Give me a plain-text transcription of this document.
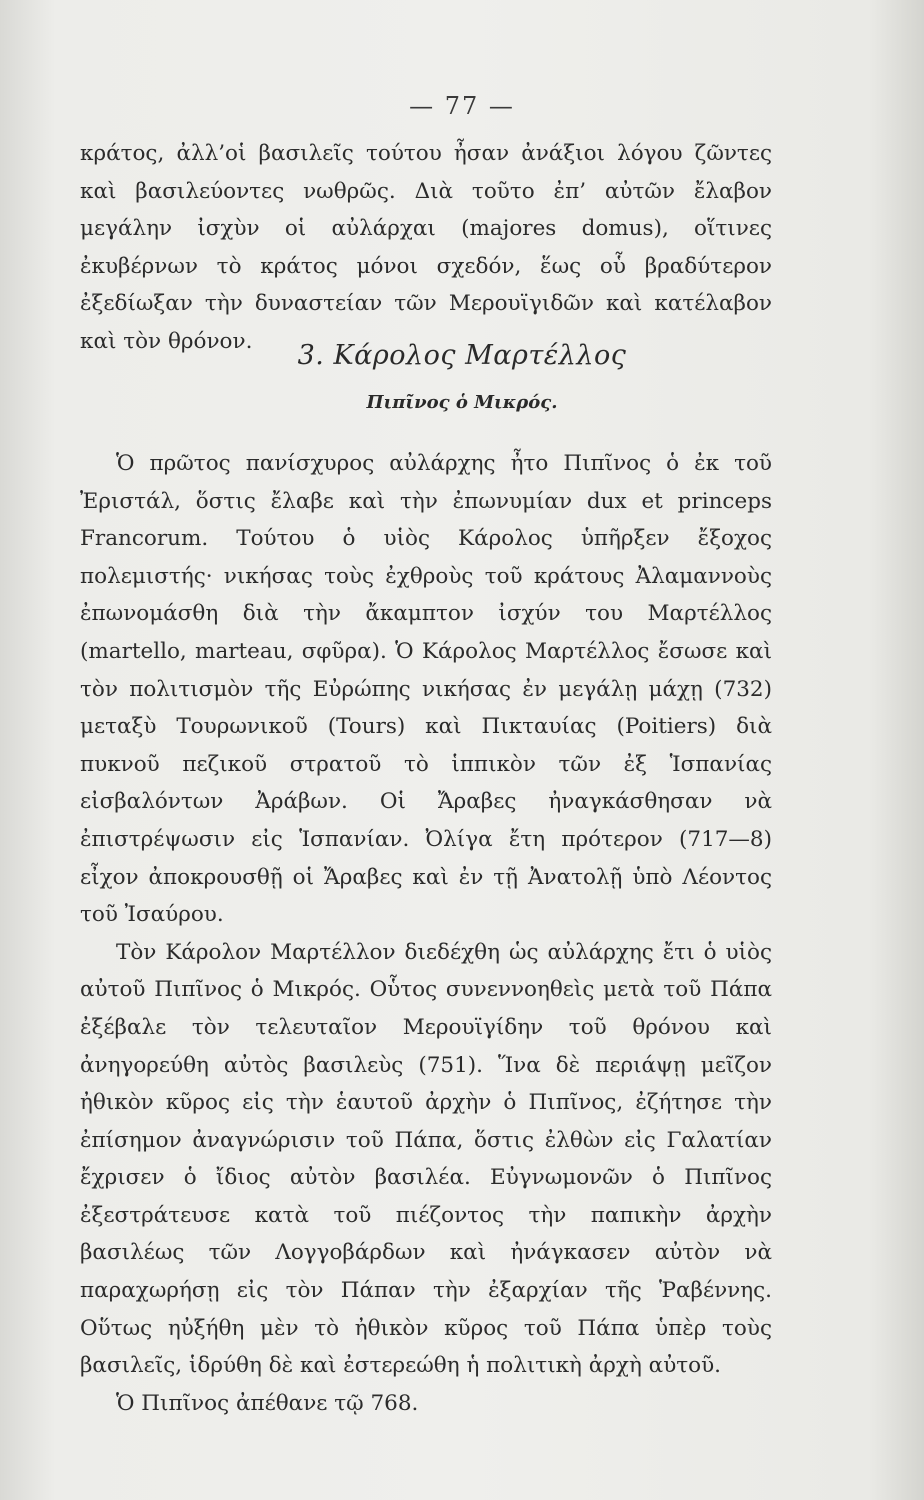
— 77 —

κράτος, ἀλλ’οἱ βασιλεῖς τούτου ἦσαν ἀνάξιοι λόγου ζῶντες καὶ βασιλεύοντες νωθρῶς. Διὰ τοῦτο ἐπ’ αὐτῶν ἔλαβον μεγάλην ἰσχὺν οἱ αὐλάρχαι (majores domus), οἵτινες ἐκυβέρνων τὸ κράτος μόνοι σχεδόν, ἕως οὗ βραδύτερον ἐξεδίωξαν τὴν δυναστείαν τῶν Μερουϊγιδῶν καὶ κατέλαβον καὶ τὸν θρόνον.	3. Κάρολος Μαρτέλλος
Πιπῖνος ὁ Μικρός.

Ὁ πρῶτος πανίσχυρος αὐλάρχης ἦτο Πιπῖνος ὁ ἐκ τοῦ Ἐριστάλ, ὅστις ἔλαβε καὶ τὴν ἐπωνυμίαν dux et princeps Francorum. Τούτου ὁ υἱὸς Κάρολος ὑπῆρξεν ἔξοχος πολεμιστής· νικήσας τοὺς ἐχθροὺς τοῦ κράτους Ἀλαμαννοὺς ἐπωνομάσθη διὰ τὴν ἄκαμπτον ἰσχύν του Μαρτέλλος (martello, marteau, σφῦρα). Ὁ Κάρολος Μαρτέλλος ἔσωσε καὶ τὸν πολιτισμὸν τῆς Εὐρώπης νικήσας ἐν μεγάλῃ μάχῃ (732) μεταξὺ Τουρωνικοῦ (Tours) καὶ Πικταυίας (Poitiers) διὰ πυκνοῦ πεζικοῦ στρατοῦ τὸ ἱππικὸν τῶν ἐξ Ἱσπανίας εἰσβαλόντων Ἀράβων. Οἱ Ἄραβες ἠναγκάσθησαν νὰ ἐπιστρέψωσιν εἰς Ἱσπανίαν. Ὀλίγα ἔτη πρότερον (717—8) εἶχον ἀποκρουσθῇ οἱ Ἄραβες καὶ ἐν τῇ Ἀνατολῇ ὑπὸ Λέοντος τοῦ Ἰσαύρου.

Τὸν Κάρολον Μαρτέλλον διεδέχθη ὡς αὐλάρχης ἔτι ὁ υἱὸς αὐτοῦ Πιπῖνος ὁ Μικρός. Οὗτος συνεννοηθεὶς μετὰ τοῦ Πάπα ἐξέβαλε τὸν τελευταῖον Μερουϊγίδην τοῦ θρόνου καὶ ἀνηγορεύθη αὐτὸς βασιλεὺς (751). Ἵνα δὲ περιάψῃ μεῖζον ἠθικὸν κῦρος εἰς τὴν ἑαυτοῦ ἀρχὴν ὁ Πιπῖνος, ἐζήτησε τὴν ἐπίσημον ἀναγνώρισιν τοῦ Πάπα, ὅστις ἐλθὼν εἰς Γαλατίαν ἔχρισεν ὁ ἴδιος αὐτὸν βασιλέα. Εὐγνωμονῶν ὁ Πιπῖνος ἐξεστράτευσε κατὰ τοῦ πιέζοντος τὴν παπικὴν ἀρχὴν βασιλέως τῶν Λογγοβάρδων καὶ ἠνάγκασεν αὐτὸν νὰ παραχωρήσῃ εἰς τὸν Πάπαν τὴν ἐξαρχίαν τῆς Ῥαβέννης. Οὕτως ηὐξήθη μὲν τὸ ἠθικὸν κῦρος τοῦ Πάπα ὑπὲρ τοὺς βασιλεῖς, ἱδρύθη δὲ καὶ ἐστερεώθη ἡ πολιτικὴ ἀρχὴ αὐτοῦ.

Ὁ Πιπῖνος ἀπέθανε τῷ 768.
